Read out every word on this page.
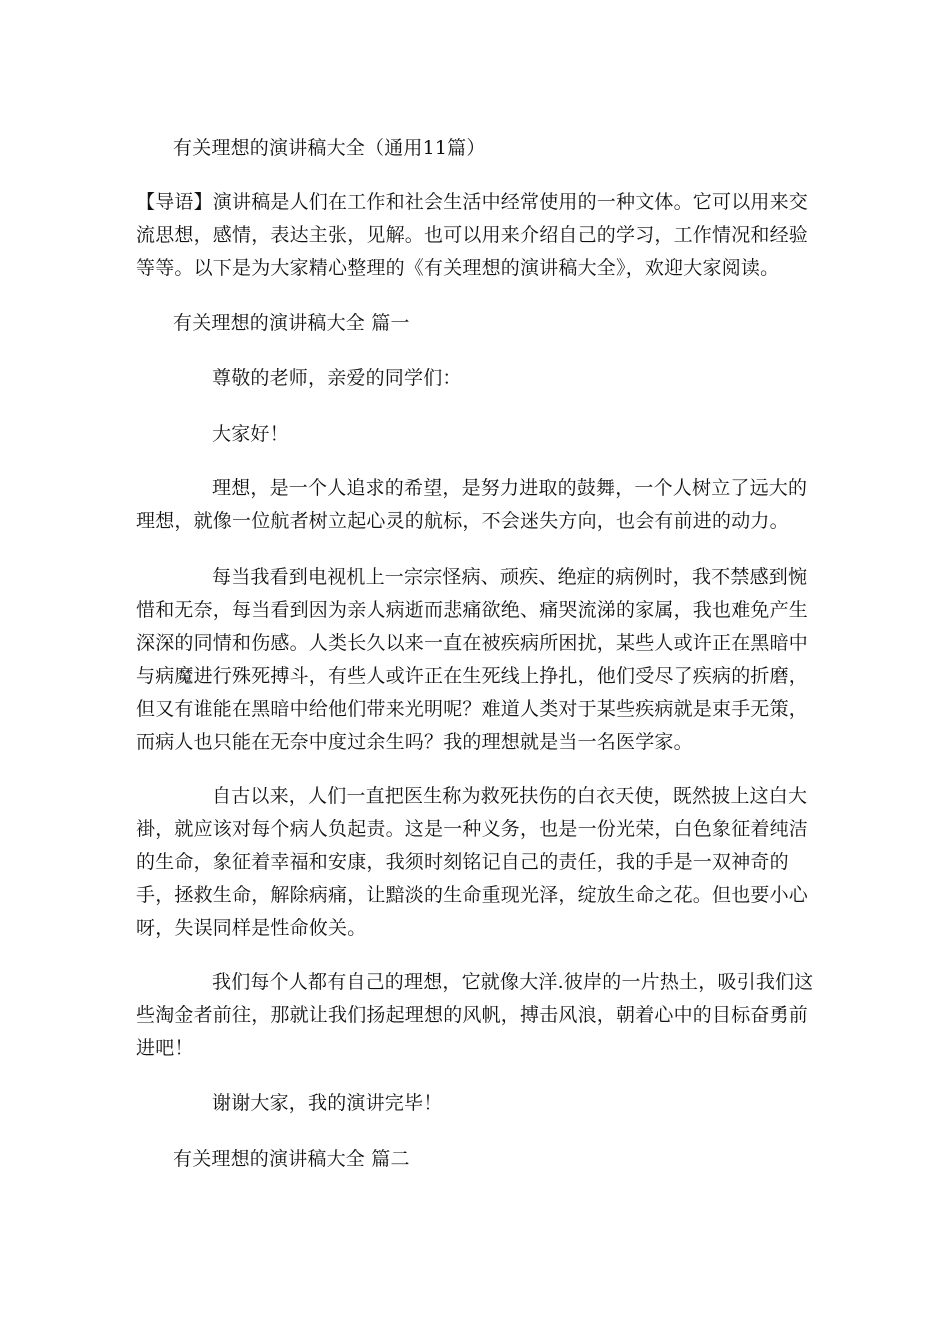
有关理想的演讲稿大全（通用11篇）

【导语】演讲稿是人们在工作和社会生活中经常使用的一种文体。它可以用来交流思想，感情，表达主张，见解。也可以用来介绍自己的学习，工作情况和经验等等。以下是为大家精心整理的《有关理想的演讲稿大全》，欢迎大家阅读。

有关理想的演讲稿大全 篇一

尊敬的老师，亲爱的同学们：

大家好！

理想，是一个人追求的希望，是努力进取的鼓舞，一个人树立了远大的理想，就像一位航者树立起心灵的航标，不会迷失方向，也会有前进的动力。

每当我看到电视机上一宗宗怪病、顽疾、绝症的病例时，我不禁感到惋惜和无奈，每当看到因为亲人病逝而悲痛欲绝、痛哭流涕的家属，我也难免产生深深的同情和伤感。人类长久以来一直在被疾病所困扰，某些人或许正在黑暗中与病魔进行殊死搏斗，有些人或许正在生死线上挣扎，他们受尽了疾病的折磨，但又有谁能在黑暗中给他们带来光明呢？难道人类对于某些疾病就是束手无策，而病人也只能在无奈中度过余生吗？我的理想就是当一名医学家。

自古以来，人们一直把医生称为救死扶伤的白衣天使，既然披上这白大褂，就应该对每个病人负起责。这是一种义务，也是一份光荣，白色象征着纯洁的生命，象征着幸福和安康，我须时刻铭记自己的责任，我的手是一双神奇的手，拯救生命，解除病痛，让黯淡的生命重现光泽，绽放生命之花。但也要小心呀，失误同样是性命攸关。

我们每个人都有自己的理想，它就像大洋.彼岸的一片热土，吸引我们这些淘金者前往，那就让我们扬起理想的风帆，搏击风浪，朝着心中的目标奋勇前进吧！

谢谢大家，我的演讲完毕！

有关理想的演讲稿大全 篇二
